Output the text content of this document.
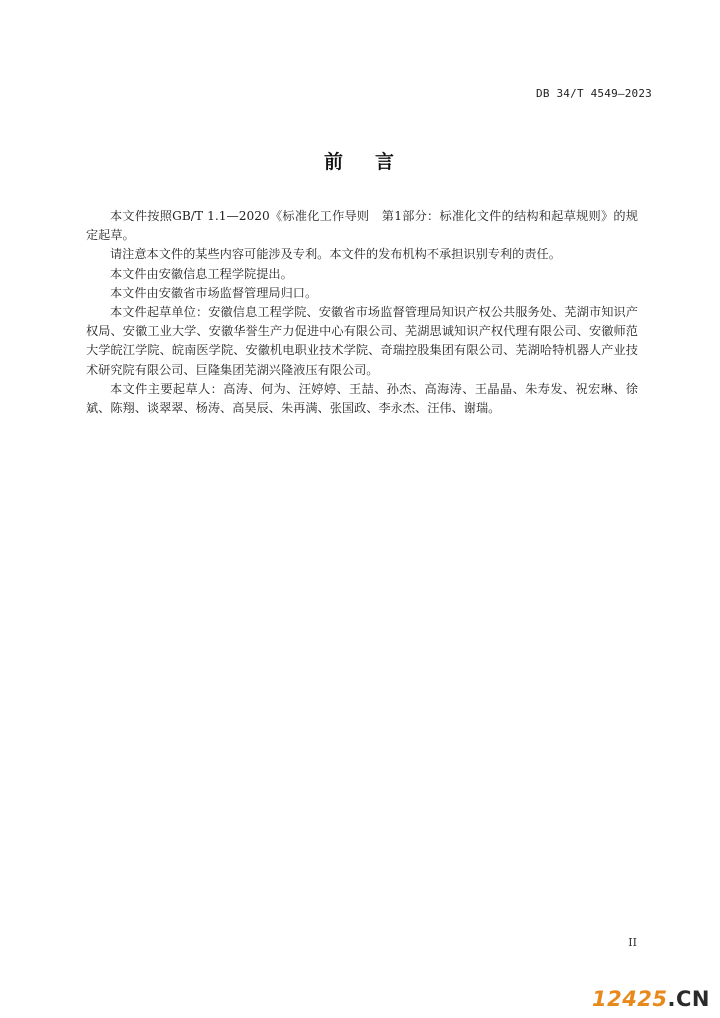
DB 34/T 4549—2023
前 言

本文件按照GB/T 1.1—2020《标准化工作导则　第1部分：标准化文件的结构和起草规则》的规定起草。

请注意本文件的某些内容可能涉及专利。本文件的发布机构不承担识别专利的责任。

本文件由安徽信息工程学院提出。

本文件由安徽省市场监督管理局归口。

本文件起草单位：安徽信息工程学院、安徽省市场监督管理局知识产权公共服务处、芜湖市知识产权局、安徽工业大学、安徽华誉生产力促进中心有限公司、芜湖思诚知识产权代理有限公司、安徽师范大学皖江学院、皖南医学院、安徽机电职业技术学院、奇瑞控股集团有限公司、芜湖哈特机器人产业技术研究院有限公司、巨隆集团芜湖兴隆液压有限公司。

本文件主要起草人：高涛、何为、汪婷婷、王喆、孙杰、高海涛、王晶晶、朱寿发、祝宏琳、徐斌、陈翔、谈翠翠、杨涛、高昊辰、朱再满、张国政、李永杰、汪伟、谢瑞。

II
12425.CN
